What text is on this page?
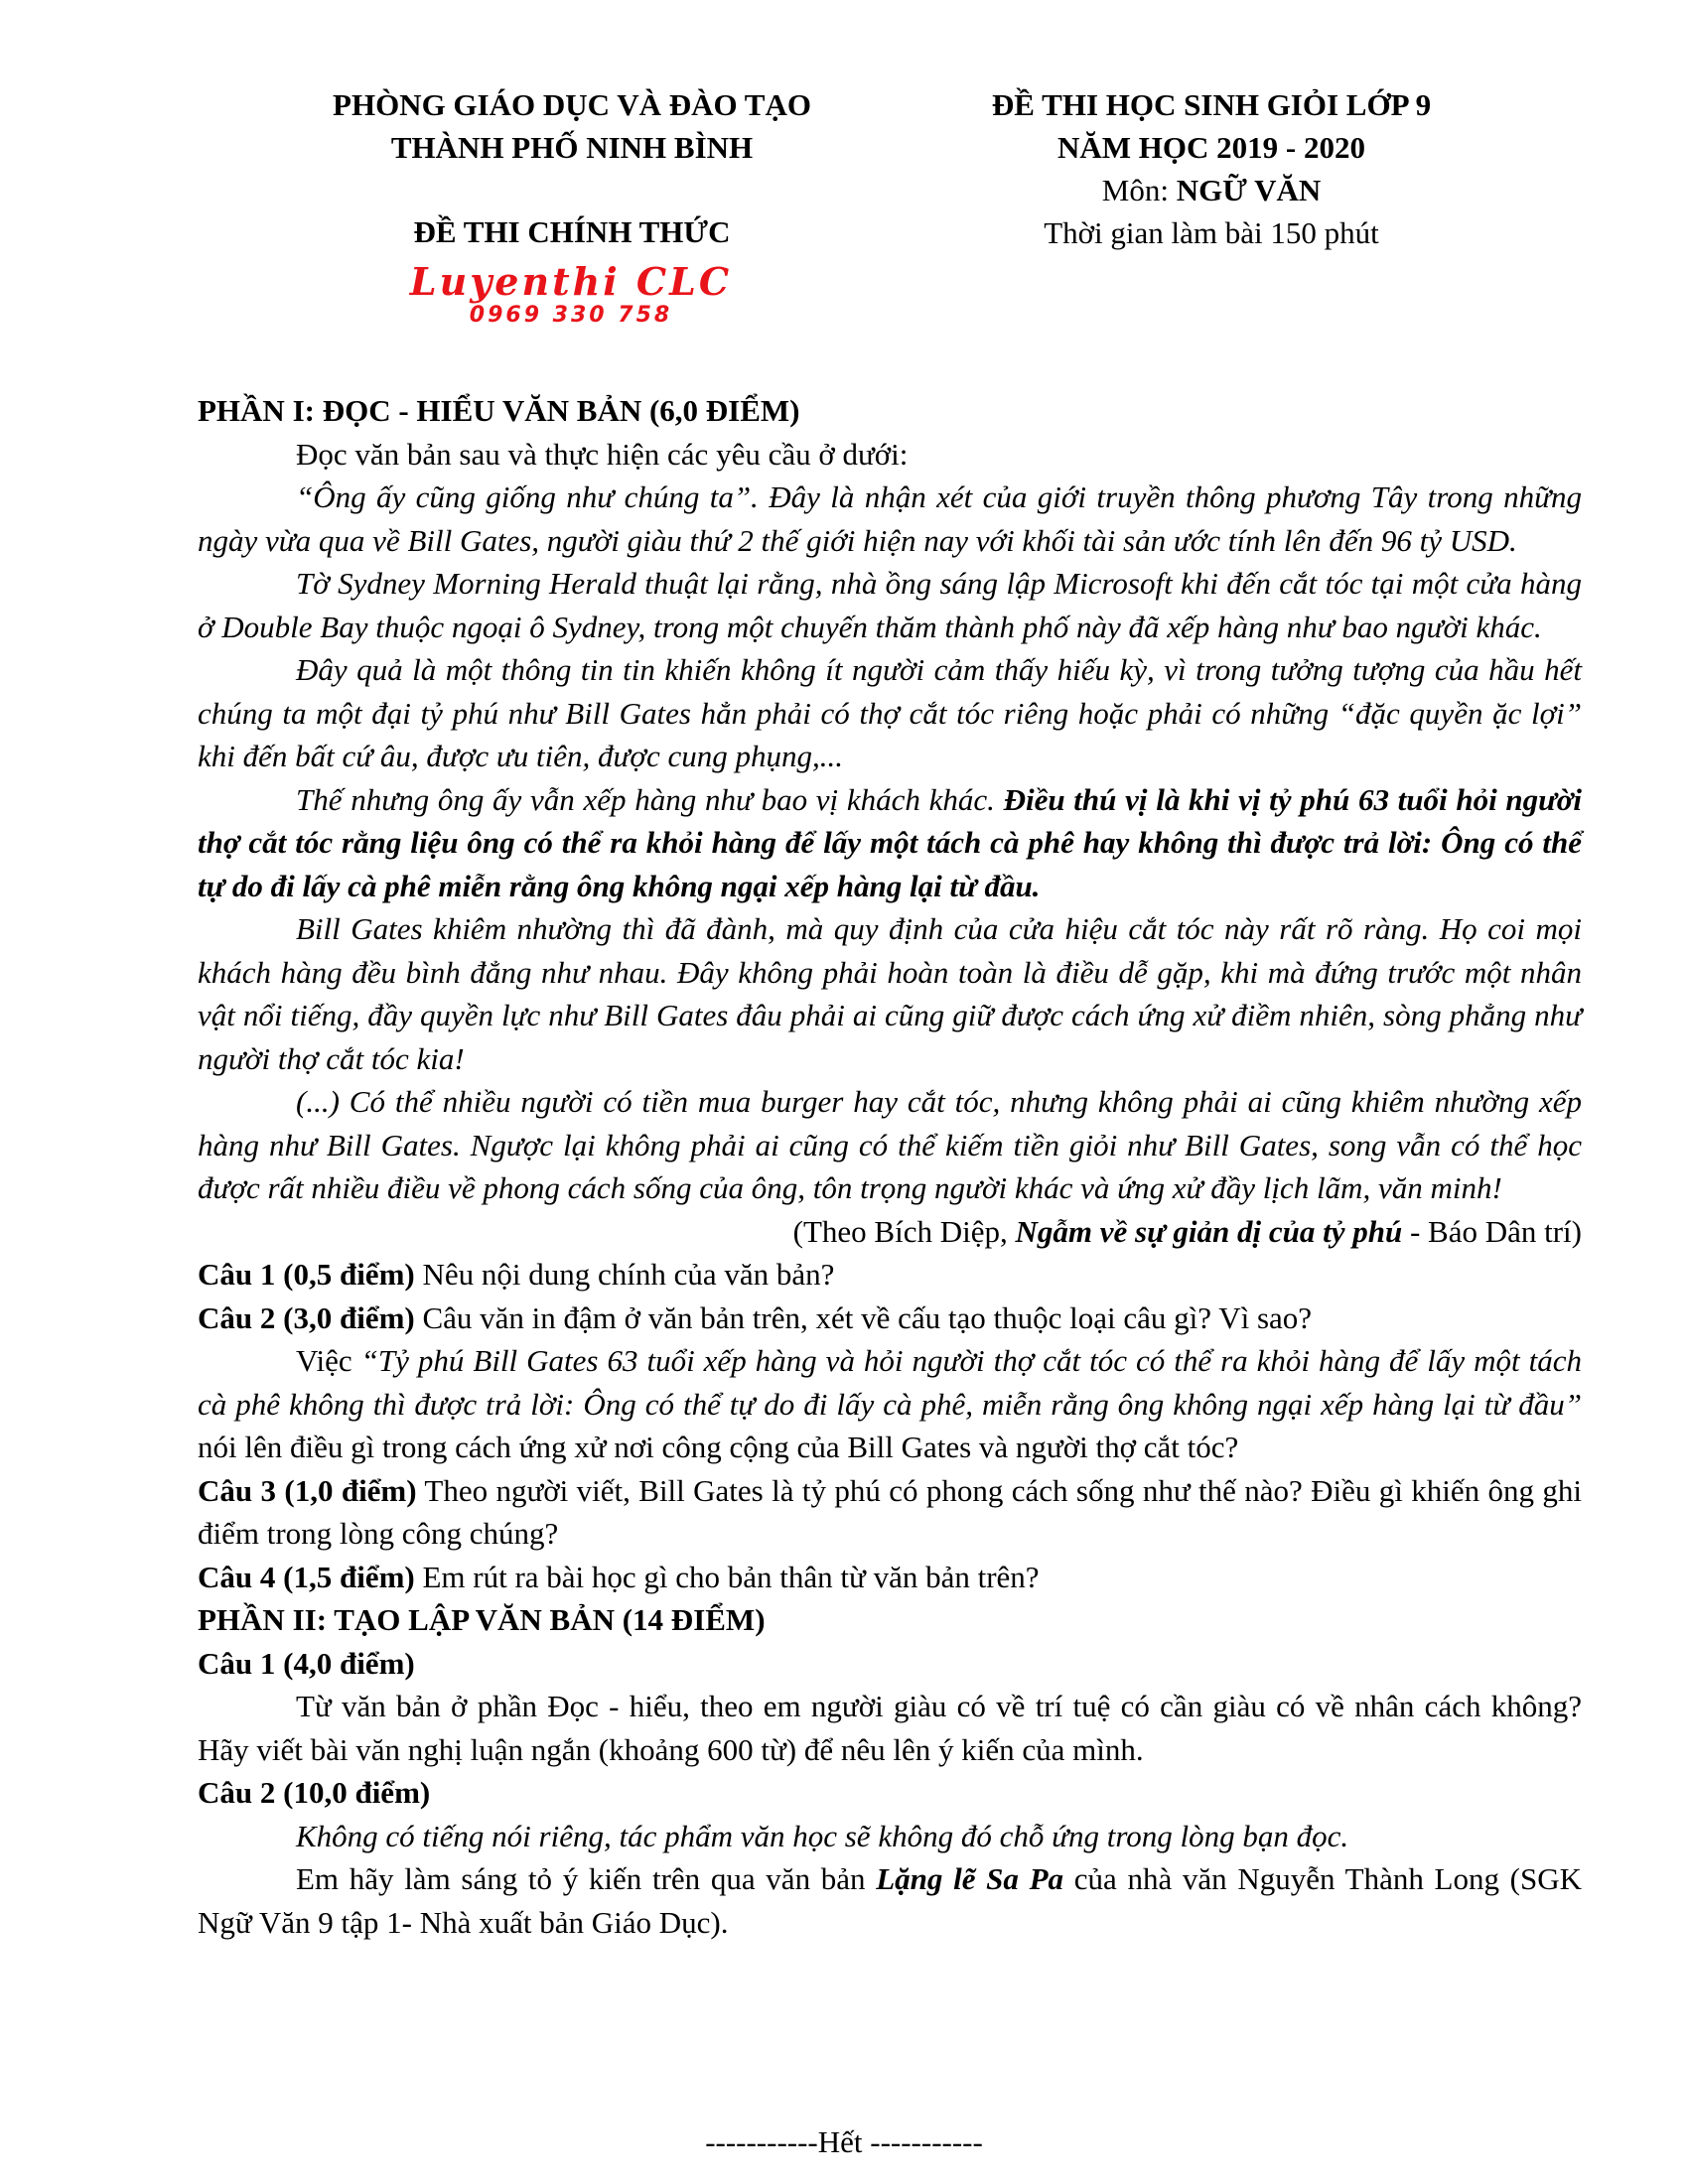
PHÒNG GIÁO DỤC VÀ ĐÀO TẠO
THÀNH PHỐ NINH BÌNH
ĐỀ THI CHÍNH THỨC
ĐỀ THI HỌC SINH GIỎI LỚP 9
NĂM HỌC 2019 - 2020
Môn: NGỮ VĂN
Thời gian làm bài 150 phút
Luyenthi CLC
0969 330 758

PHẦN I: ĐỌC - HIỂU VĂN BẢN (6,0 ĐIỂM)

Đọc văn bản sau và thực hiện các yêu cầu ở dưới:

“Ông ấy cũng giống như chúng ta”. Đây là nhận xét của giới truyền thông phương Tây trong những ngày vừa qua về Bill Gates, người giàu thứ 2 thế giới hiện nay với khối tài sản ước tính lên đến 96 tỷ USD.

Tờ Sydney Morning Herald thuật lại rằng, nhà ồng sáng lập Microsoft khi đến cắt tóc tại một cửa hàng ở Double Bay thuộc ngoại ô Sydney, trong một chuyến thăm thành phố này đã xếp hàng như bao người khác.

Đây quả là một thông tin tin khiến không ít người cảm thấy hiếu kỳ, vì trong tưởng tượng của hầu hết chúng ta một đại tỷ phú như Bill Gates hẳn phải có thợ cắt tóc riêng hoặc phải có những “đặc quyền ặc lợi” khi đến bất cứ âu, được ưu tiên, được cung phụng,...

Thế nhưng ông ấy vẫn xếp hàng như bao vị khách khác. Điều thú vị là khi vị tỷ phú 63 tuổi hỏi người thợ cắt tóc rằng liệu ông có thể ra khỏi hàng để lấy một tách cà phê hay không thì được trả lời: Ông có thể tự do đi lấy cà phê miễn rằng ông không ngại xếp hàng lại từ đầu.

Bill Gates khiêm nhường thì đã đành, mà quy định của cửa hiệu cắt tóc này rất rõ ràng. Họ coi mọi khách hàng đều bình đẳng như nhau. Đây không phải hoàn toàn là điều dễ gặp, khi mà đứng trước một nhân vật nổi tiếng, đầy quyền lực như Bill Gates đâu phải ai cũng giữ được cách ứng xử điềm nhiên, sòng phẳng như người thợ cắt tóc kia!

(...) Có thể nhiều người có tiền mua burger hay cắt tóc, nhưng không phải ai cũng khiêm nhường xếp hàng như Bill Gates. Ngược lại không phải ai cũng có thể kiếm tiền giỏi như Bill Gates, song vẫn có thể học được rất nhiều điều về phong cách sống của ông, tôn trọng người khác và ứng xử đầy lịch lãm, văn minh!

(Theo Bích Diệp, Ngẫm về sự giản dị của tỷ phú - Báo Dân trí)

Câu 1 (0,5 điểm) Nêu nội dung chính của văn bản?

Câu 2 (3,0 điểm) Câu văn in đậm ở văn bản trên, xét về cấu tạo thuộc loại câu gì? Vì sao?

Việc “Tỷ phú Bill Gates 63 tuổi xếp hàng và hỏi người thợ cắt tóc có thể ra khỏi hàng để lấy một tách cà phê không thì được trả lời: Ông có thể tự do đi lấy cà phê, miễn rằng ông không ngại xếp hàng lại từ đầu” nói lên điều gì trong cách ứng xử nơi công cộng của Bill Gates và người thợ cắt tóc?

Câu 3 (1,0 điểm) Theo người viết, Bill Gates là tỷ phú có phong cách sống như thế nào? Điều gì khiến ông ghi điểm trong lòng công chúng?

Câu 4 (1,5 điểm) Em rút ra bài học gì cho bản thân từ văn bản trên?

PHẦN II: TẠO LẬP VĂN BẢN (14 ĐIỂM)

Câu 1 (4,0 điểm)

Từ văn bản ở phần Đọc - hiểu, theo em người giàu có về trí tuệ có cần giàu có về nhân cách không? Hãy viết bài văn nghị luận ngắn (khoảng 600 từ) để nêu lên ý kiến của mình.

Câu 2 (10,0 điểm)

Không có tiếng nói riêng, tác phẩm văn học sẽ không đó chỗ ứng trong lòng bạn đọc.

Em hãy làm sáng tỏ ý kiến trên qua văn bản Lặng lẽ Sa Pa của nhà văn Nguyễn Thành Long (SGK Ngữ Văn 9 tập 1- Nhà xuất bản Giáo Dục).

-----------Hết -----------
